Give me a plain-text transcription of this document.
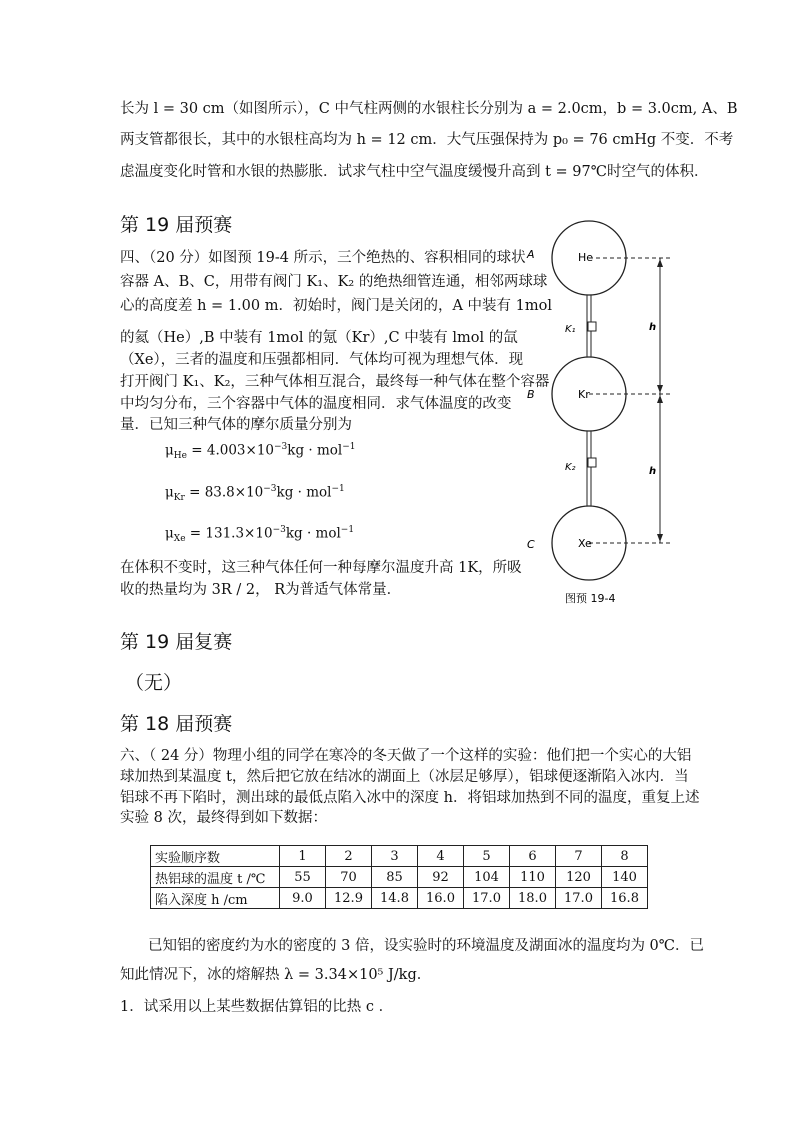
长为 l = 30 cm（如图所示），C 中气柱两侧的水银柱长分别为 a = 2.0cm，b = 3.0cm, A、B
两支管都很长，其中的水银柱高均为 h = 12 cm．大气压强保持为 p₀ = 76 cmHg 不变．不考
虑温度变化时管和水银的热膨胀．试求气柱中空气温度缓慢升高到 t = 97℃时空气的体积．
第 19 届预赛
四、（20 分）如图预 19-4 所示，三个绝热的、容积相同的球状
容器 A、B、C，用带有阀门 K₁、K₂ 的绝热细管连通，相邻两球球
心的高度差 h = 1.00 m．初始时，阀门是关闭的，A 中装有 1mol
的氦（He）,B 中装有 1mol 的氪（Kr）,C 中装有 lmol 的氙
（Xe），三者的温度和压强都相同．气体均可视为理想气体．现
打开阀门 K₁、K₂，三种气体相互混合，最终每一种气体在整个容器
中均匀分布，三个容器中气体的温度相同．求气体温度的改变
量．已知三种气体的摩尔质量分别为
$\mu_{He} = 4.003\times 10^{-3}kg \cdot mol^{-1}$
$\mu_{Kr} = 83.8\times 10^{-3}kg \cdot mol^{-1}$
$\mu_{Xe} = 131.3\times 10^{-3}kg \cdot mol^{-1}$
在体积不变时，这三种气体任何一种每摩尔温度升高 1K，所吸
收的热量均为 3R / 2， R为普适气体常量．
A
B
C
He
Kr
Xe
K₁
K₂
h
h
图预 19-4
第 19 届复赛
（无）
第 18 届预赛
六、（ 24 分）物理小组的同学在寒冷的冬天做了一个这样的实验：他们把一个实心的大铝
球加热到某温度 t，然后把它放在结冰的湖面上（冰层足够厚），铝球便逐渐陷入冰内．当
铝球不再下陷时，测出球的最低点陷入冰中的深度 h．将铝球加热到不同的温度，重复上述
实验 8 次，最终得到如下数据：
实验顺序数	1	2	3	4	5	6	7	8
热铝球的温度 t /℃	55	70	85	92	104	110	120	140
陷入深度 h /cm	9.0	12.9	14.8	16.0	17.0	18.0	17.0	16.8
已知铝的密度约为水的密度的 3 倍，设实验时的环境温度及湖面冰的温度均为 0℃．已
知此情况下，冰的熔解热 λ = 3.34×10⁵ J/kg．
1．试采用以上某些数据估算铝的比热 c ．
